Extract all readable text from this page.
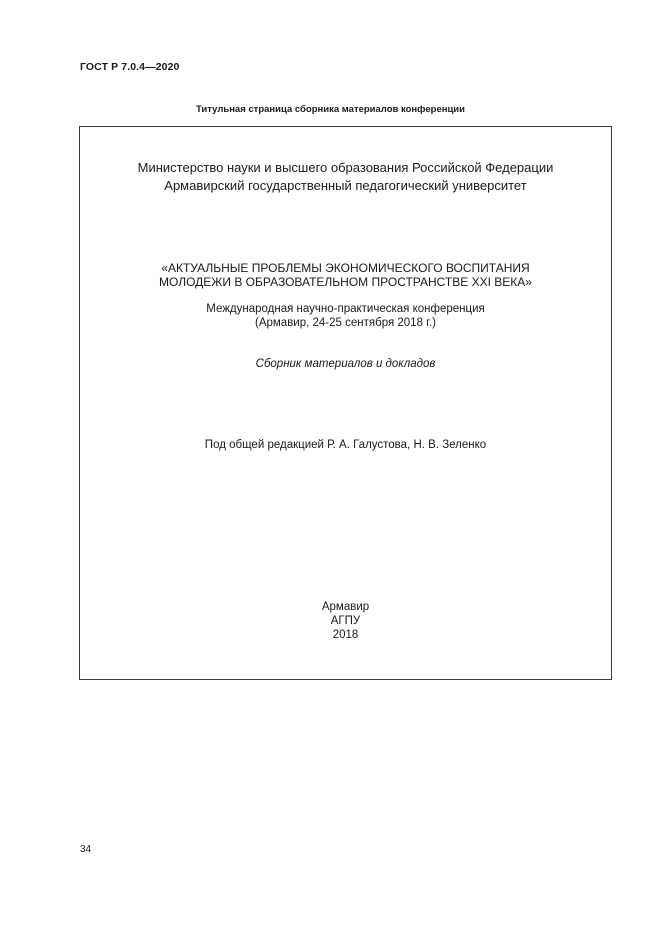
ГОСТ Р 7.0.4—2020
Титульная страница сборника материалов конференции
Министерство науки и высшего образования Российской Федерации
Армавирский государственный педагогический университет
«АКТУАЛЬНЫЕ ПРОБЛЕМЫ ЭКОНОМИЧЕСКОГО ВОСПИТАНИЯ
МОЛОДЕЖИ В ОБРАЗОВАТЕЛЬНОМ ПРОСТРАНСТВЕ XXI ВЕКА»
Международная научно-практическая конференция
(Армавир, 24-25 сентября 2018 г.)
Сборник материалов и докладов
Под общей редакцией Р. А. Галустова, Н. В. Зеленко
Армавир
АГПУ
2018
34
